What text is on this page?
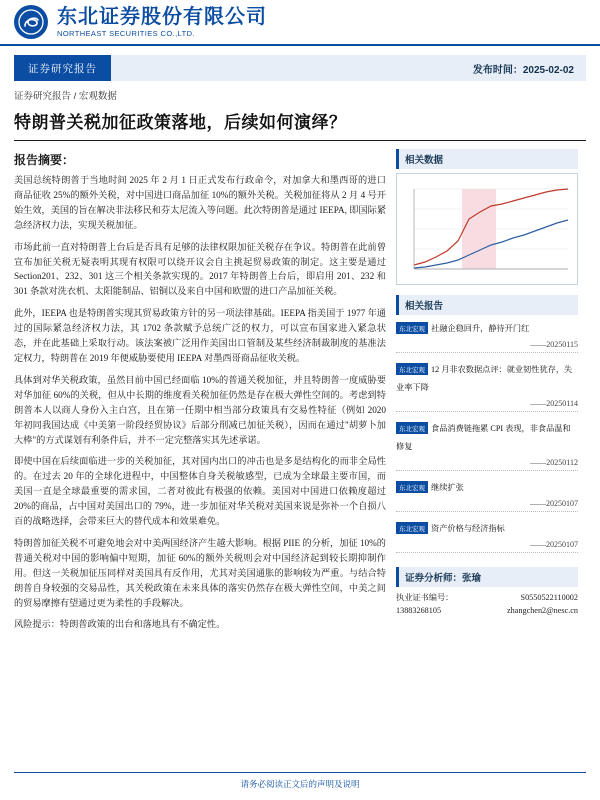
东北证券股份有限公司
NORTHEAST SECURITIES CO.,LTD.
证券研究报告	发布时间：2025-02-02
证券研究报告 / 宏观数据
特朗普关税加征政策落地，后续如何演绎？
报告摘要：

美国总统特朗普于当地时间 2025 年 2 月 1 日正式发布行政命令，对加拿大和墨西哥的进口商品征收 25%的额外关税，对中国进口商品加征 10%的额外关税。关税加征将从 2 月 4 号开始生效，美国的旨在解决非法移民和芬太尼流入等问题。此次特朗普是通过 IEEPA, 即国际紧急经济权力法，实现关税加征。

市场此前一直对特朗普上台后是否具有足够的法律权限加征关税存在争议。特朗普在此前曾宣布加征关税无疑表明其现有权限可以绕开议会自主挑起贸易政策的制定。这主要是通过 Section201、232、301 这三个相关条款实现的。2017 年特朗普上台后，即启用 201、232 和 301 条款对洗衣机、太阳能制品、铝铜以及来自中国和欧盟的进口产品加征关税。

此外，IEEPA 也是特朗普实现其贸易政策方针的另一项法律基础。IEEPA 指美国于 1977 年通过的国际紧急经济权力法，其 1702 条款赋予总统广泛的权力，可以宣布国家进入紧急状态，并在此基础上采取行动。该法案被广泛用作美国出口管制及某些经济制裁制度的基准法定权力，特朗普在 2019 年便威胁要使用 IEEPA 对墨西哥商品征收关税。

具体到对华关税政策，虽然目前中国已经面临 10%的普通关税加征，并且特朗普一度威胁要对华加征 60%的关税，但从中长期的维度看关税加征仍然是存在极大弹性空间的。考虑到特朗普本人以商人身份入主白宫，且在第一任期中相当部分政策具有交易性特征（例如 2020 年初同我国达成《中美第一阶段经贸协议》后部分削减已加征关税），因而在通过"胡萝卜加大棒"的方式谋划有利条件后，并不一定完整落实其先述承诺。

即使中国在后续面临进一步的关税加征，其对国内出口的冲击也是多是结构化的而非全局性的。在过去 20 年的全球化进程中，中国整体自身关税敏感型，已成为全球最主要市国，而美国一直是全球最重要的需求国，二者对彼此有极强的依赖。美国对中国进口依赖度超过 20%的商品，占中国对美国出口的 79%，进一步加征对华关税对美国来说是弥补一个自损八百的战略选择，会带来巨大的替代成本和效果难免。

特朗普加征关税不可避免地会对中美两国经济产生越大影响。根据 PIIE 的分析，加征 10%的普通关税对中国的影响偏中短期，加征 60%的额外关税则会对中国经济起到较长期抑制作用。但这一关税加征压同样对美国具有反作用，尤其对美国通胀的影响较为严重。与结合特朗普自身较强的交易品性，其关税政策在未来具体的落实仍然存在极大弹性空间，中美之间的贸易摩擦有望通过更为柔性的手段解决。

风险提示：特朗普政策的出台和落地具有不确定性。

相关数据
相关报告
东北宏观 社融企稳回升，静待开门红
——20250115
东北宏观 12 月非农数据点评：就业韧性犹存，失业率下降
——20250114
东北宏观 食品消费链拖累 CPI 表现，非食品温和修复
——20250112
东北宏观 继续扩张
——20250107
东北宏观 资产价格与经济指标
——20250107
证券分析师：张瑜
执业证书编号：	S0550522110002
13883268105	zhangchen2@nesc.cn
请务必阅读正文后的声明及说明
